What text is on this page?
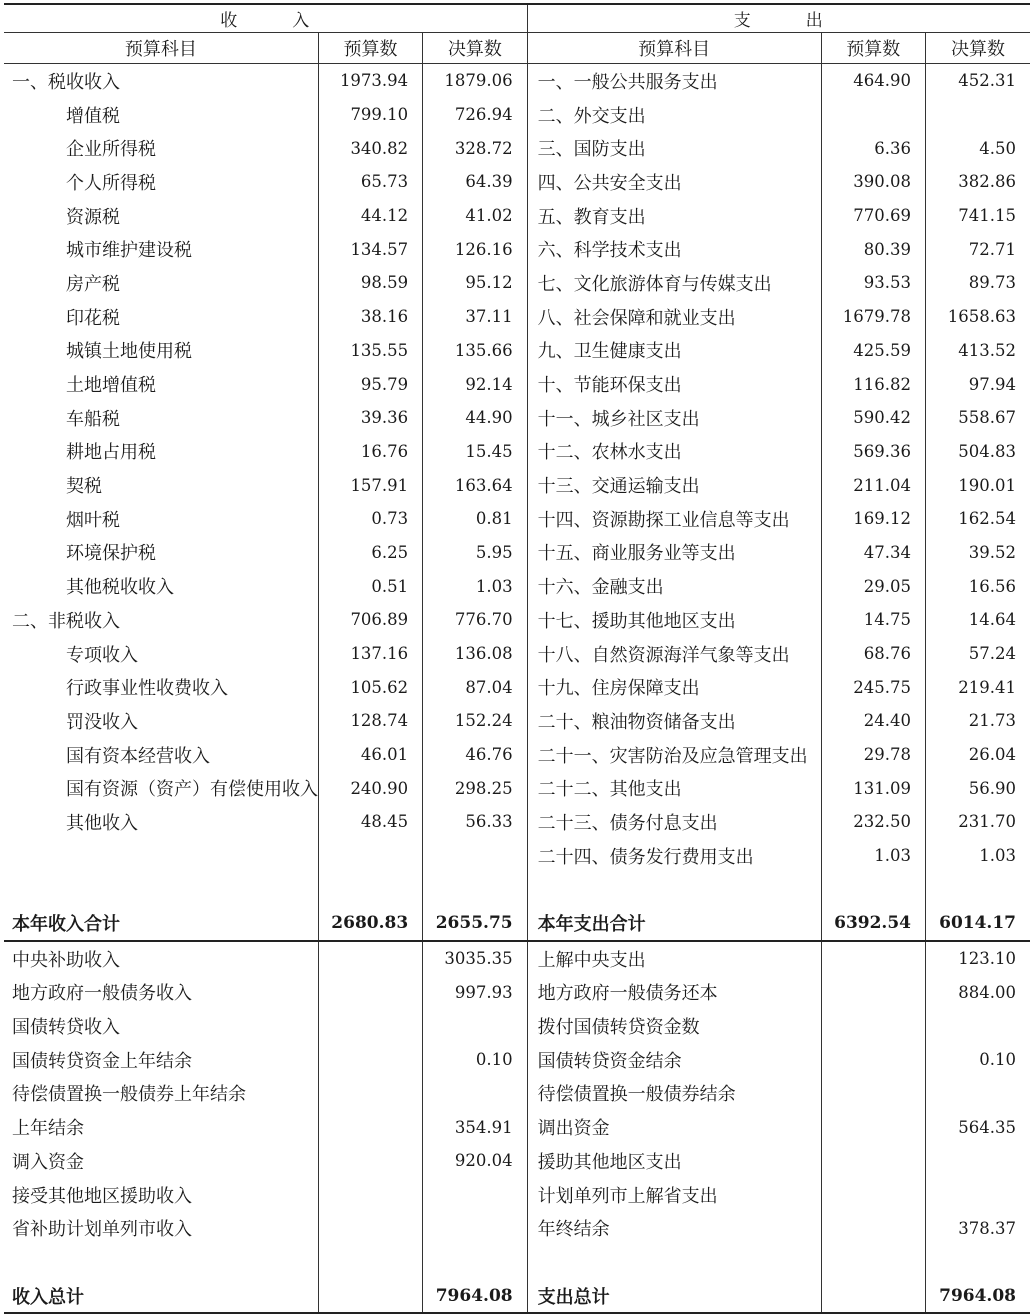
收 入			支 出		
预算科目	预算数	决算数	预算科目	预算数	决算数
一、税收收入	1973.94	1879.06	一、一般公共服务支出	464.90	452.31
增值税	799.10	726.94	二、外交支出		
企业所得税	340.82	328.72	三、国防支出	6.36	4.50
个人所得税	65.73	64.39	四、公共安全支出	390.08	382.86
资源税	44.12	41.02	五、教育支出	770.69	741.15
城市维护建设税	134.57	126.16	六、科学技术支出	80.39	72.71
房产税	98.59	95.12	七、文化旅游体育与传媒支出	93.53	89.73
印花税	38.16	37.11	八、社会保障和就业支出	1679.78	1658.63
城镇土地使用税	135.55	135.66	九、卫生健康支出	425.59	413.52
土地增值税	95.79	92.14	十、节能环保支出	116.82	97.94
车船税	39.36	44.90	十一、城乡社区支出	590.42	558.67
耕地占用税	16.76	15.45	十二、农林水支出	569.36	504.83
契税	157.91	163.64	十三、交通运输支出	211.04	190.01
烟叶税	0.73	0.81	十四、资源勘探工业信息等支出	169.12	162.54
环境保护税	6.25	5.95	十五、商业服务业等支出	47.34	39.52
其他税收收入	0.51	1.03	十六、金融支出	29.05	16.56
二、非税收入	706.89	776.70	十七、援助其他地区支出	14.75	14.64
专项收入	137.16	136.08	十八、自然资源海洋气象等支出	68.76	57.24
行政事业性收费收入	105.62	87.04	十九、住房保障支出	245.75	219.41
罚没收入	128.74	152.24	二十、粮油物资储备支出	24.40	21.73
国有资本经营收入	46.01	46.76	二十一、灾害防治及应急管理支出	29.78	26.04
国有资源（资产）有偿使用收入	240.90	298.25	二十二、其他支出	131.09	56.90
其他收入	48.45	56.33	二十三、债务付息支出	232.50	231.70
			二十四、债务发行费用支出	1.03	1.03

本年收入合计	2680.83	2655.75	本年支出合计	6392.54	6014.17
中央补助收入		3035.35	上解中央支出		123.10
地方政府一般债务收入		997.93	地方政府一般债务还本		884.00
国债转贷收入			拨付国债转贷资金数		
国债转贷资金上年结余		0.10	国债转贷资金结余		0.10
待偿债置换一般债券上年结余			待偿债置换一般债券结余		
上年结余		354.91	调出资金		564.35
调入资金		920.04	援助其他地区支出		
接受其他地区援助收入			计划单列市上解省支出		
省补助计划单列市收入			年终结余		378.37

收入总计		7964.08	支出总计		7964.08
